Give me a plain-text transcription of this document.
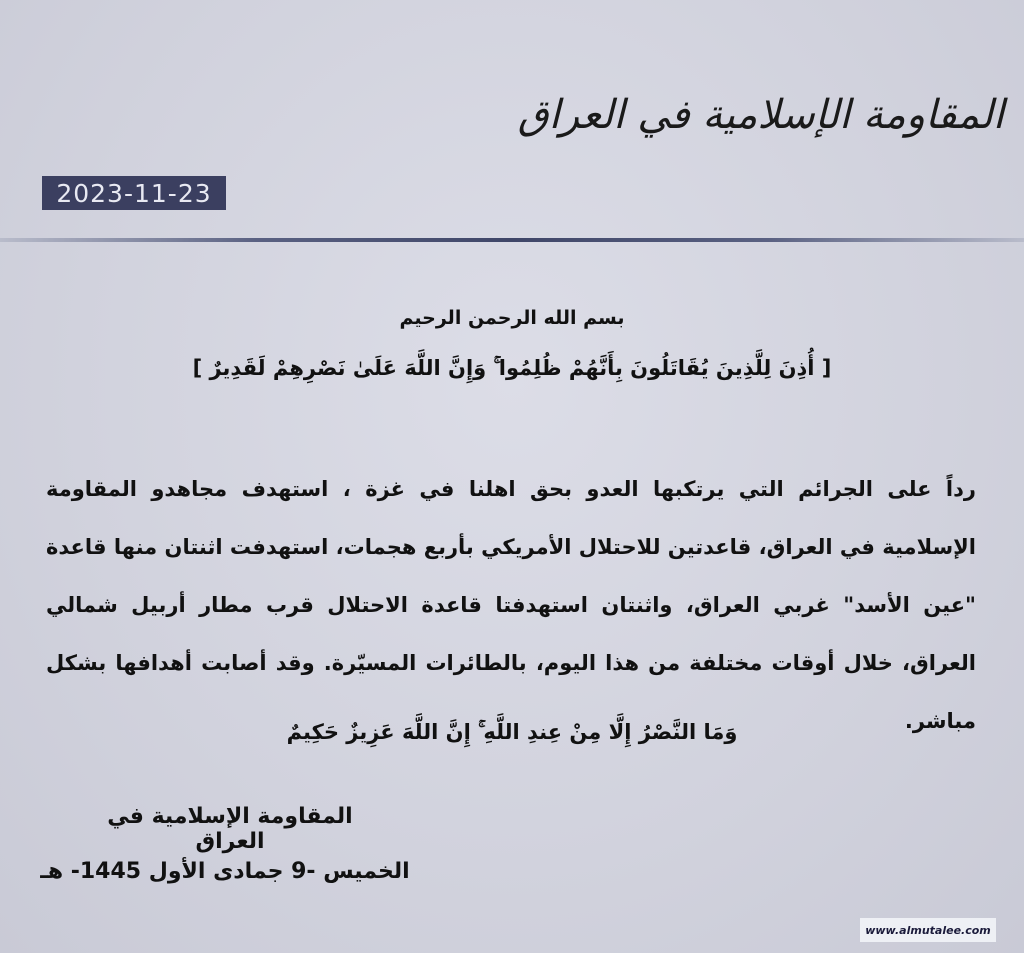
المقاومة الإسلامية في العراق
2023-11-23
بسم الله الرحمن الرحيم
[ أُذِنَ لِلَّذِينَ يُقَاتَلُونَ بِأَنَّهُمْ ظُلِمُوا ۚ وَإِنَّ اللَّهَ عَلَىٰ نَصْرِهِمْ لَقَدِيرٌ ]
رداً على الجرائم التي يرتكبها العدو بحق اهلنا في غزة ، استهدف مجاهدو المقاومة الإسلامية في العراق، قاعدتين للاحتلال الأمريكي بأربع هجمات، استهدفت اثنتان منها قاعدة "عين الأسد" غربي العراق، واثنتان استهدفتا قاعدة الاحتلال قرب مطار أربيل شمالي العراق، خلال أوقات مختلفة من هذا اليوم، بالطائرات المسيّرة. وقد أصابت أهدافها بشكل مباشر.
وَمَا النَّصْرُ إِلَّا مِنْ عِندِ اللَّهِ ۚ إِنَّ اللَّهَ عَزِيزٌ حَكِيمٌ
المقاومة الإسلامية في العراق
الخميس -9 جمادى الأول 1445- هـ
www.almutalee.com
